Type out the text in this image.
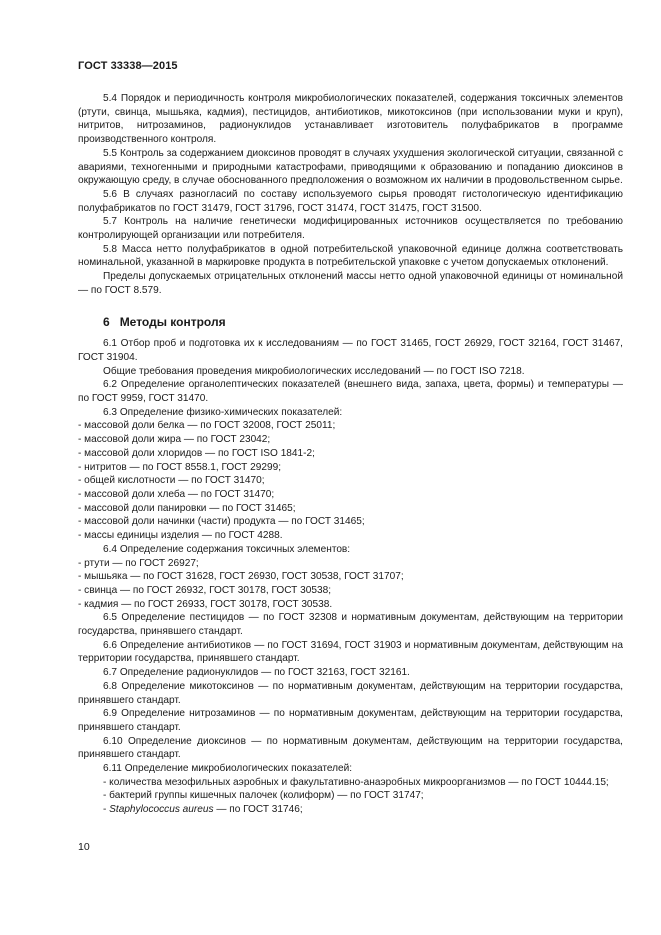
ГОСТ 33338—2015

5.4 Порядок и периодичность контроля микробиологических показателей, содержания токсичных элементов (ртути, свинца, мышьяка, кадмия), пестицидов, антибиотиков, микотоксинов (при использовании муки и круп), нитритов, нитрозаминов, радионуклидов устанавливает изготовитель полуфабрикатов в программе производственного контроля.

5.5 Контроль за содержанием диоксинов проводят в случаях ухудшения экологической ситуации, связанной с авариями, техногенными и природными катастрофами, приводящими к образованию и попаданию диоксинов в окружающую среду, в случае обоснованного предположения о возможном их наличии в продовольственном сырье.

5.6 В случаях разногласий по составу используемого сырья проводят гистологическую идентификацию полуфабрикатов по ГОСТ 31479, ГОСТ 31796, ГОСТ 31474, ГОСТ 31475, ГОСТ 31500.

5.7 Контроль на наличие генетически модифицированных источников осуществляется по требованию контролирующей организации или потребителя.

5.8 Масса нетто полуфабрикатов в одной потребительской упаковочной единице должна соответствовать номинальной, указанной в маркировке продукта в потребительской упаковке с учетом допускаемых отклонений.

Пределы допускаемых отрицательных отклонений массы нетто одной упаковочной единицы от номинальной — по ГОСТ 8.579.

6 Методы контроля

6.1 Отбор проб и подготовка их к исследованиям — по ГОСТ 31465, ГОСТ 26929, ГОСТ 32164, ГОСТ 31467, ГОСТ 31904.

Общие требования проведения микробиологических исследований — по ГОСТ ISO 7218.

6.2 Определение органолептических показателей (внешнего вида, запаха, цвета, формы) и температуры — по ГОСТ 9959, ГОСТ 31470.

6.3 Определение физико-химических показателей:

- массовой доли белка — по ГОСТ 32008, ГОСТ 25011;

- массовой доли жира — по ГОСТ 23042;

- массовой доли хлоридов — по ГОСТ ISO 1841-2;

- нитритов — по ГОСТ 8558.1, ГОСТ 29299;

- общей кислотности — по ГОСТ 31470;

- массовой доли хлеба — по ГОСТ 31470;

- массовой доли панировки — по ГОСТ 31465;

- массовой доли начинки (части) продукта — по ГОСТ 31465;

- массы единицы изделия — по ГОСТ 4288.

6.4 Определение содержания токсичных элементов:

- ртути — по ГОСТ 26927;

- мышьяка — по ГОСТ 31628, ГОСТ 26930, ГОСТ 30538, ГОСТ 31707;

- свинца — по ГОСТ 26932, ГОСТ 30178, ГОСТ 30538;

- кадмия — по ГОСТ 26933, ГОСТ 30178, ГОСТ 30538.

6.5 Определение пестицидов — по ГОСТ 32308 и нормативным документам, действующим на территории государства, принявшего стандарт.

6.6 Определение антибиотиков — по ГОСТ 31694, ГОСТ 31903 и нормативным документам, действующим на территории государства, принявшего стандарт.

6.7 Определение радионуклидов — по ГОСТ 32163, ГОСТ 32161.

6.8 Определение микотоксинов — по нормативным документам, действующим на территории государства, принявшего стандарт.

6.9 Определение нитрозаминов — по нормативным документам, действующим на территории государства, принявшего стандарт.

6.10 Определение диоксинов — по нормативным документам, действующим на территории государства, принявшего стандарт.

6.11 Определение микробиологических показателей:

- количества мезофильных аэробных и факультативно-анаэробных микроорганизмов — по ГОСТ 10444.15;

- бактерий группы кишечных палочек (колиформ) — по ГОСТ 31747;

- Staphylococcus aureus — по ГОСТ 31746;

10
